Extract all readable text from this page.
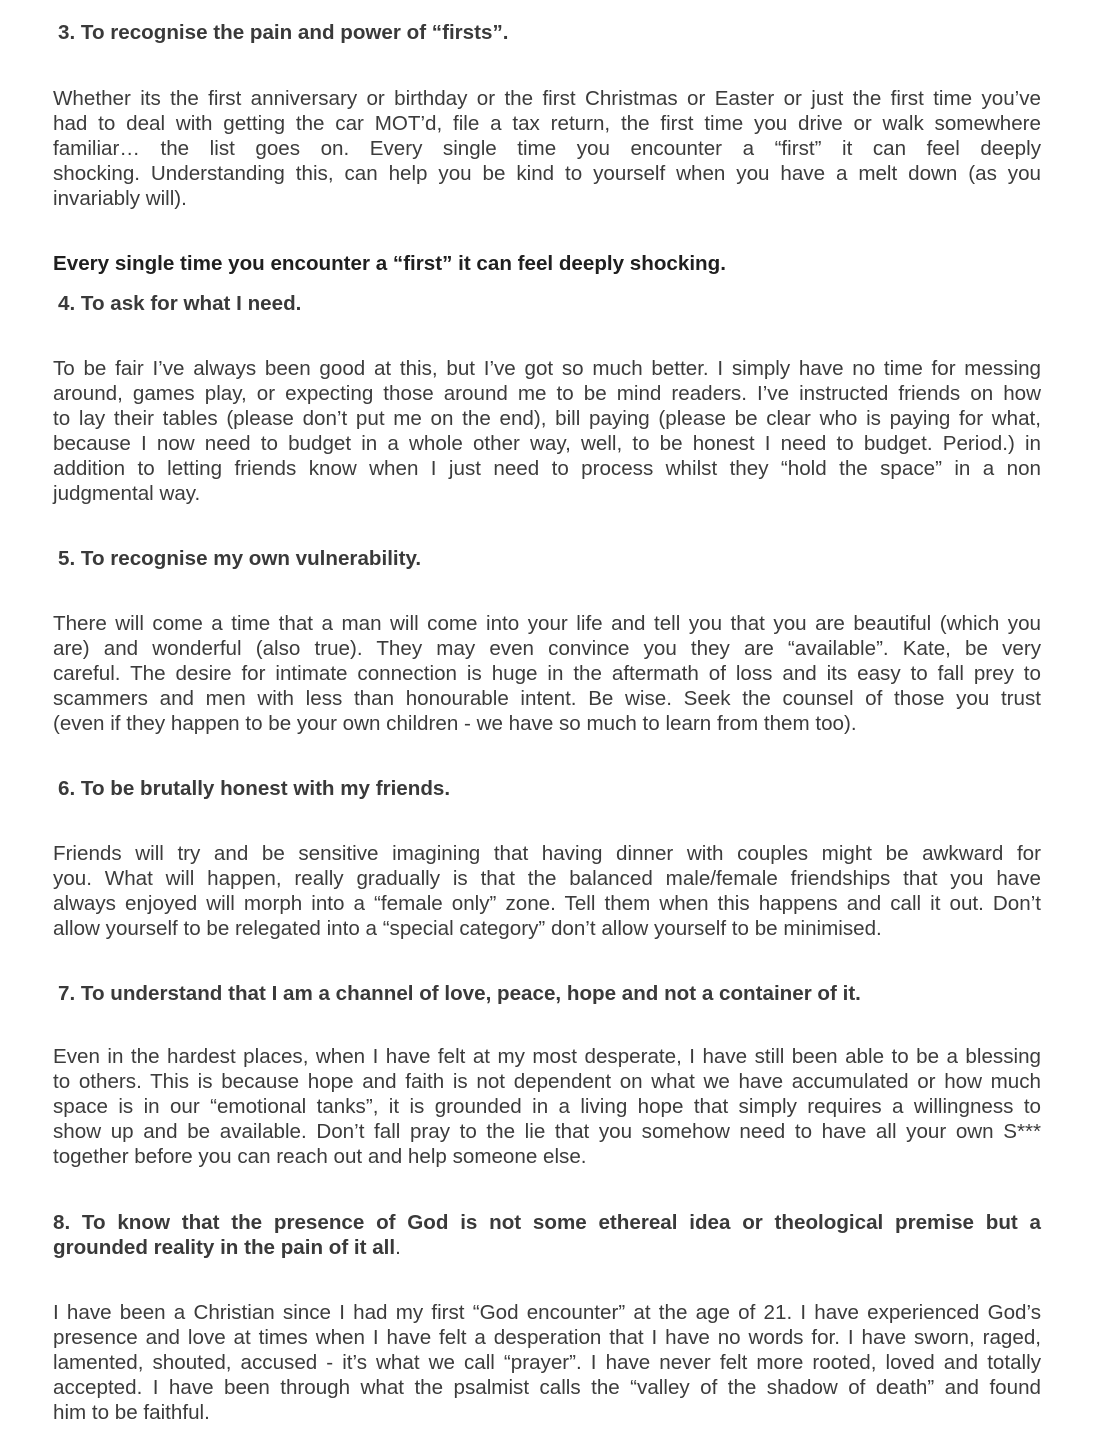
3. To recognise the pain and power of “firsts”.
Whether its the first anniversary or birthday or the first Christmas or Easter or just the first time you’ve
had to deal with getting the car MOT’d, file a tax return, the first time you drive or walk somewhere
familiar… the list goes on. Every single time you encounter a “first” it can feel deeply
shocking. Understanding this, can help you be kind to yourself when you have a melt down (as you
invariably will).
Every single time you encounter a “first” it can feel deeply shocking.
4. To ask for what I need.
To be fair I’ve always been good at this, but I’ve got so much better. I simply have no time for messing
around, games play, or expecting those around me to be mind readers. I’ve instructed friends on how
to lay their tables (please don’t put me on the end), bill paying (please be clear who is paying for what,
because I now need to budget in a whole other way, well, to be honest I need to budget. Period.) in
addition to letting friends know when I just need to process whilst they “hold the space” in a non
judgmental way.
5. To recognise my own vulnerability.
There will come a time that a man will come into your life and tell you that you are beautiful (which you
are) and wonderful (also true). They may even convince you they are “available”. Kate, be very
careful. The desire for intimate connection is huge in the aftermath of loss and its easy to fall prey to
scammers and men with less than honourable intent. Be wise. Seek the counsel of those you trust
(even if they happen to be your own children - we have so much to learn from them too).
6. To be brutally honest with my friends.
Friends will try and be sensitive imagining that having dinner with couples might be awkward for
you. What will happen, really gradually is that the balanced male/female friendships that you have
always enjoyed will morph into a “female only” zone. Tell them when this happens and call it out. Don’t
allow yourself to be relegated into a “special category” don’t allow yourself to be minimised.
7. To understand that I am a channel of love, peace, hope and not a container of it.
Even in the hardest places, when I have felt at my most desperate, I have still been able to be a blessing
to others. This is because hope and faith is not dependent on what we have accumulated or how much
space is in our “emotional tanks”, it is grounded in a living hope that simply requires a willingness to
show up and be available. Don’t fall pray to the lie that you somehow need to have all your own S***
together before you can reach out and help someone else.
8. To know that the presence of God is not some ethereal idea or theological premise but a
grounded reality in the pain of it all.
I have been a Christian since I had my first “God encounter” at the age of 21. I have experienced God’s
presence and love at times when I have felt a desperation that I have no words for. I have sworn, raged,
lamented, shouted, accused - it’s what we call “prayer”. I have never felt more rooted, loved and totally
accepted. I have been through what the psalmist calls the “valley of the shadow of death” and found
him to be faithful.
